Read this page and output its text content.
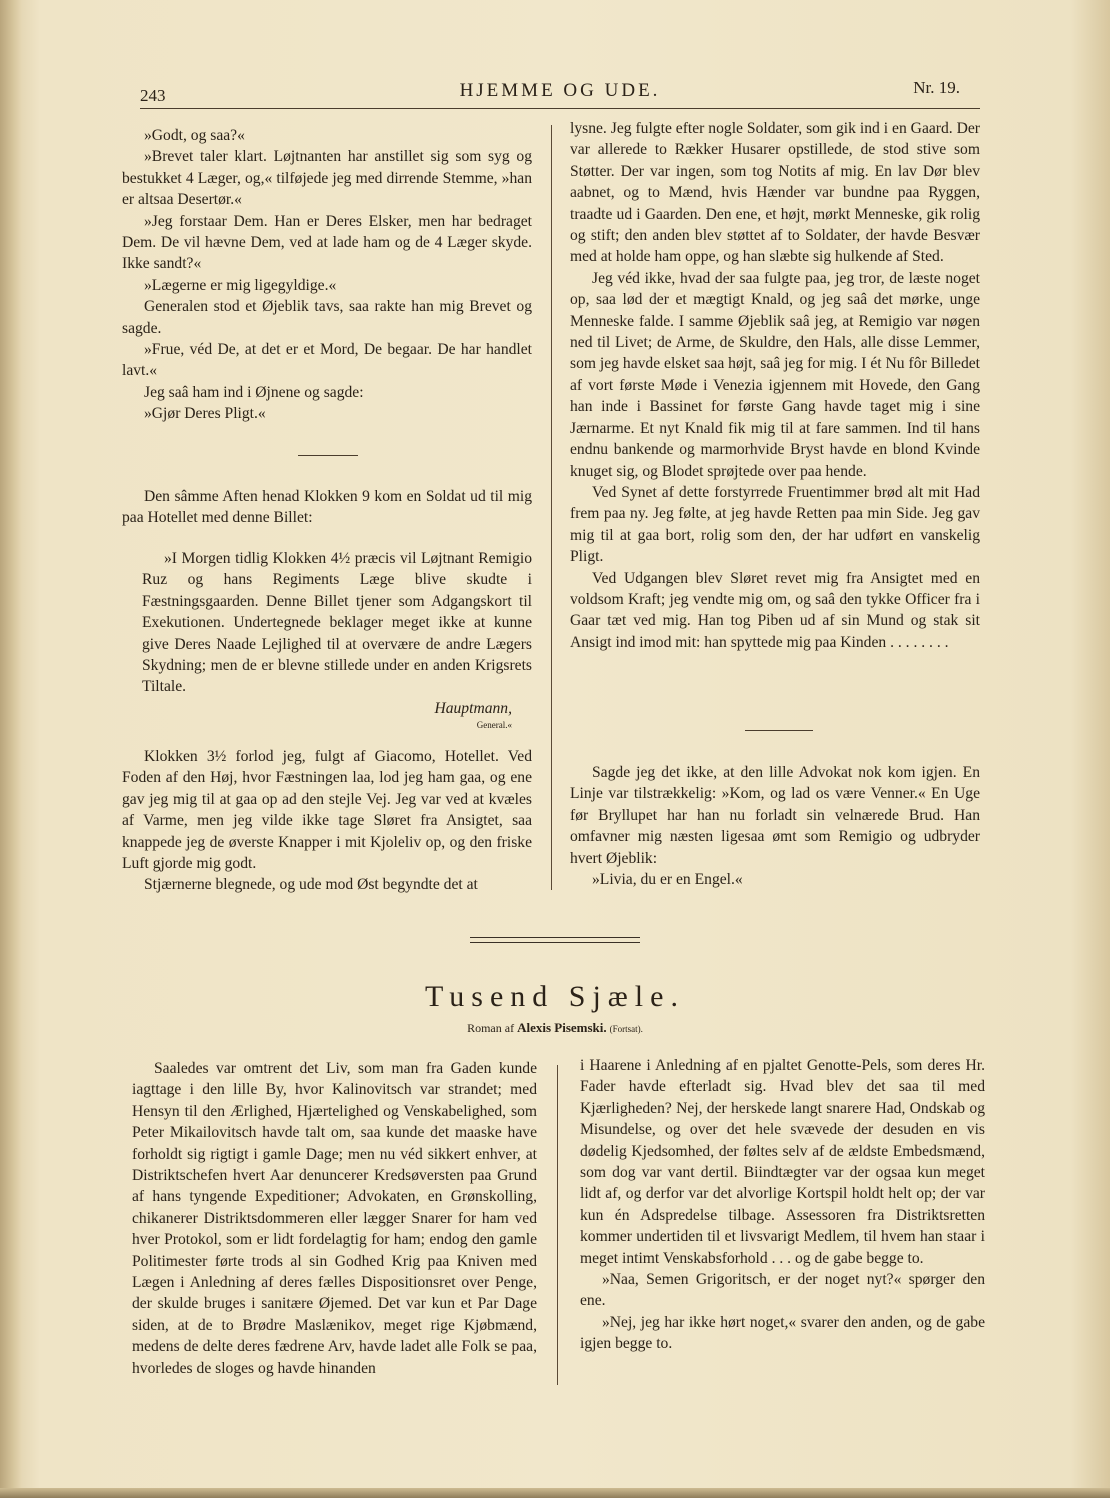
243	HJEMME OG UDE.	Nr. 19.

»Godt, og saa?«

»Brevet taler klart. Løjtnanten har anstillet sig som syg og bestukket 4 Læger, og,« tilføjede jeg med dirrende Stemme, »han er altsaa Desertør.«

»Jeg forstaar Dem. Han er Deres Elsker, men har bedraget Dem. De vil hævne Dem, ved at lade ham og de 4 Læger skyde. Ikke sandt?«

»Lægerne er mig ligegyldige.«

Generalen stod et Øjeblik tavs, saa rakte han mig Brevet og sagde.

»Frue, véd De, at det er et Mord, De begaar. De har handlet lavt.«

Jeg saâ ham ind i Øjnene og sagde:

»Gjør Deres Pligt.«

Den sâmme Aften henad Klokken 9 kom en Soldat ud til mig paa Hotellet med denne Billet:

»I Morgen tidlig Klokken 4½ præcis vil Løjtnant Remigio Ruz og hans Regiments Læge blive skudte i Fæstningsgaarden. Denne Billet tjener som Adgangskort til Exekutionen. Undertegnede beklager meget ikke at kunne give Deres Naade Lejlighed til at overvære de andre Lægers Skydning; men de er blevne stillede under en anden Krigsrets Tiltale.

Hauptmann,
General.«

Klokken 3½ forlod jeg, fulgt af Giacomo, Hotellet. Ved Foden af den Høj, hvor Fæstningen laa, lod jeg ham gaa, og ene gav jeg mig til at gaa op ad den stejle Vej. Jeg var ved at kvæles af Varme, men jeg vilde ikke tage Sløret fra Ansigtet, saa knappede jeg de øverste Knapper i mit Kjoleliv op, og den friske Luft gjorde mig godt.

Stjærnerne blegnede, og ude mod Øst begyndte det at

lysne. Jeg fulgte efter nogle Soldater, som gik ind i en Gaard. Der var allerede to Rækker Husarer opstillede, de stod stive som Støtter. Der var ingen, som tog Notits af mig. En lav Dør blev aabnet, og to Mænd, hvis Hænder var bundne paa Ryggen, traadte ud i Gaarden. Den ene, et højt, mørkt Menneske, gik rolig og stift; den anden blev støttet af to Soldater, der havde Besvær med at holde ham oppe, og han slæbte sig hulkende af Sted.

Jeg véd ikke, hvad der saa fulgte paa, jeg tror, de læste noget op, saa lød der et mægtigt Knald, og jeg saâ det mørke, unge Menneske falde. I samme Øjeblik saâ jeg, at Remigio var nøgen ned til Livet; de Arme, de Skuldre, den Hals, alle disse Lemmer, som jeg havde elsket saa højt, saâ jeg for mig. I ét Nu fôr Billedet af vort første Møde i Venezia igjennem mit Hovede, den Gang han inde i Bassinet for første Gang havde taget mig i sine Jærnarme. Et nyt Knald fik mig til at fare sammen. Ind til hans endnu bankende og marmorhvide Bryst havde en blond Kvinde knuget sig, og Blodet sprøjtede over paa hende.

Ved Synet af dette forstyrrede Fruentimmer brød alt mit Had frem paa ny. Jeg følte, at jeg havde Retten paa min Side. Jeg gav mig til at gaa bort, rolig som den, der har udført en vanskelig Pligt.

Ved Udgangen blev Sløret revet mig fra Ansigtet med en voldsom Kraft; jeg vendte mig om, og saâ den tykke Officer fra i Gaar tæt ved mig. Han tog Piben ud af sin Mund og stak sit Ansigt ind imod mit: han spyttede mig paa Kinden . . . . . . . .

Sagde jeg det ikke, at den lille Advokat nok kom igjen. En Linje var tilstrækkelig: »Kom, og lad os være Venner.« En Uge før Bryllupet har han nu forladt sin velnærede Brud. Han omfavner mig næsten ligesaa ømt som Remigio og udbryder hvert Øjeblik:

»Livia, du er en Engel.«

Tusend Sjæle.
Roman af Alexis Pisemski. (Fortsat).

Saaledes var omtrent det Liv, som man fra Gaden kunde iagttage i den lille By, hvor Kalinovitsch var strandet; med Hensyn til den Ærlighed, Hjærtelighed og Venskabelighed, som Peter Mikailovitsch havde talt om, saa kunde det maaske have forholdt sig rigtigt i gamle Dage; men nu véd sikkert enhver, at Distriktschefen hvert Aar denuncerer Kredsøversten paa Grund af hans tyngende Expeditioner; Advokaten, en Grønskolling, chikanerer Distriktsdommeren eller lægger Snarer for ham ved hver Protokol, som er lidt fordelagtig for ham; endog den gamle Politimester førte trods al sin Godhed Krig paa Kniven med Lægen i Anledning af deres fælles Dispositionsret over Penge, der skulde bruges i sanitære Øjemed. Det var kun et Par Dage siden, at de to Brødre Maslænikov, meget rige Kjøbmænd, medens de delte deres fædrene Arv, havde ladet alle Folk se paa, hvorledes de sloges og havde hinanden

i Haarene i Anledning af en pjaltet Genotte-Pels, som deres Hr. Fader havde efterladt sig. Hvad blev det saa til med Kjærligheden? Nej, der herskede langt snarere Had, Ondskab og Misundelse, og over det hele svævede der desuden en vis dødelig Kjedsomhed, der føltes selv af de ældste Embedsmænd, som dog var vant dertil. Biindtægter var der ogsaa kun meget lidt af, og derfor var det alvorlige Kortspil holdt helt op; der var kun én Adspredelse tilbage. Assessoren fra Distriktsretten kommer undertiden til et livsvarigt Medlem, til hvem han staar i meget intimt Venskabsforhold . . . og de gabe begge to.

»Naa, Semen Grigoritsch, er der noget nyt?« spørger den ene.

»Nej, jeg har ikke hørt noget,« svarer den anden, og de gabe igjen begge to.
